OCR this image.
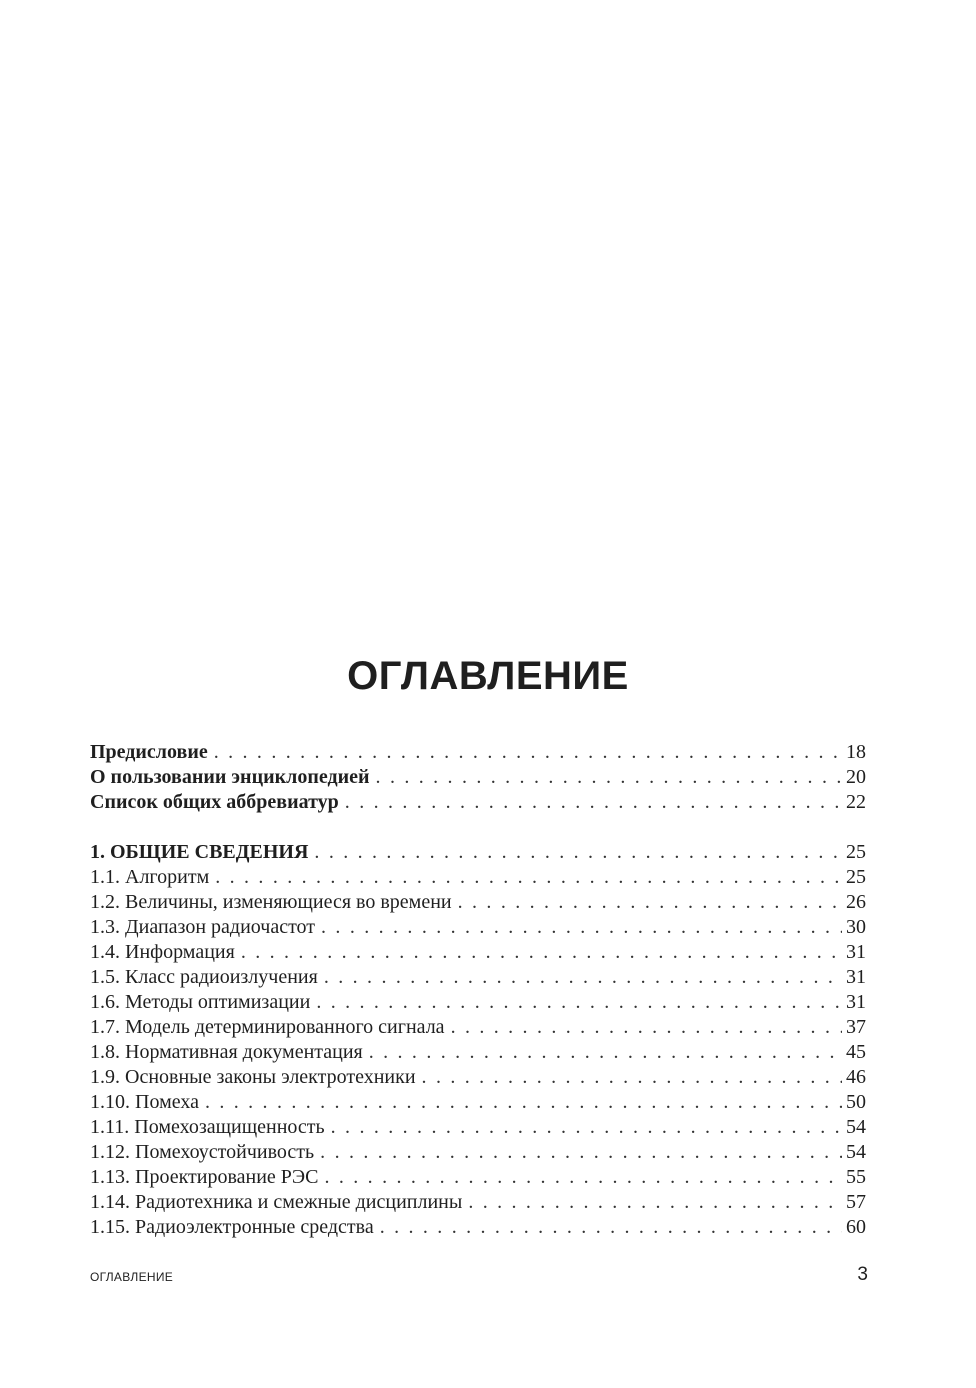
ОГЛАВЛЕНИЕ
Предисловие . . .	18
О пользовании энциклопедией . . .	20
Список общих аббревиатур . . .	22
1. ОБЩИЕ СВЕДЕНИЯ . . .	25
1.1. Алгоритм . . .	25
1.2. Величины, изменяющиеся во времени . . .	26
1.3. Диапазон радиочастот . . .	30
1.4. Информация . . .	31
1.5. Класс радиоизлучения . . .	31
1.6. Методы оптимизации . . .	31
1.7. Модель детерминированного сигнала . . .	37
1.8. Нормативная документация . . .	45
1.9. Основные законы электротехники . . .	46
1.10. Помеха . . .	50
1.11. Помехозащищенность . . .	54
1.12. Помехоустойчивость . . .	54
1.13. Проектирование РЭС . . .	55
1.14. Радиотехника и смежные дисциплины . . .	57
1.15. Радиоэлектронные средства . . .	60
ОГЛАВЛЕНИЕ	3
